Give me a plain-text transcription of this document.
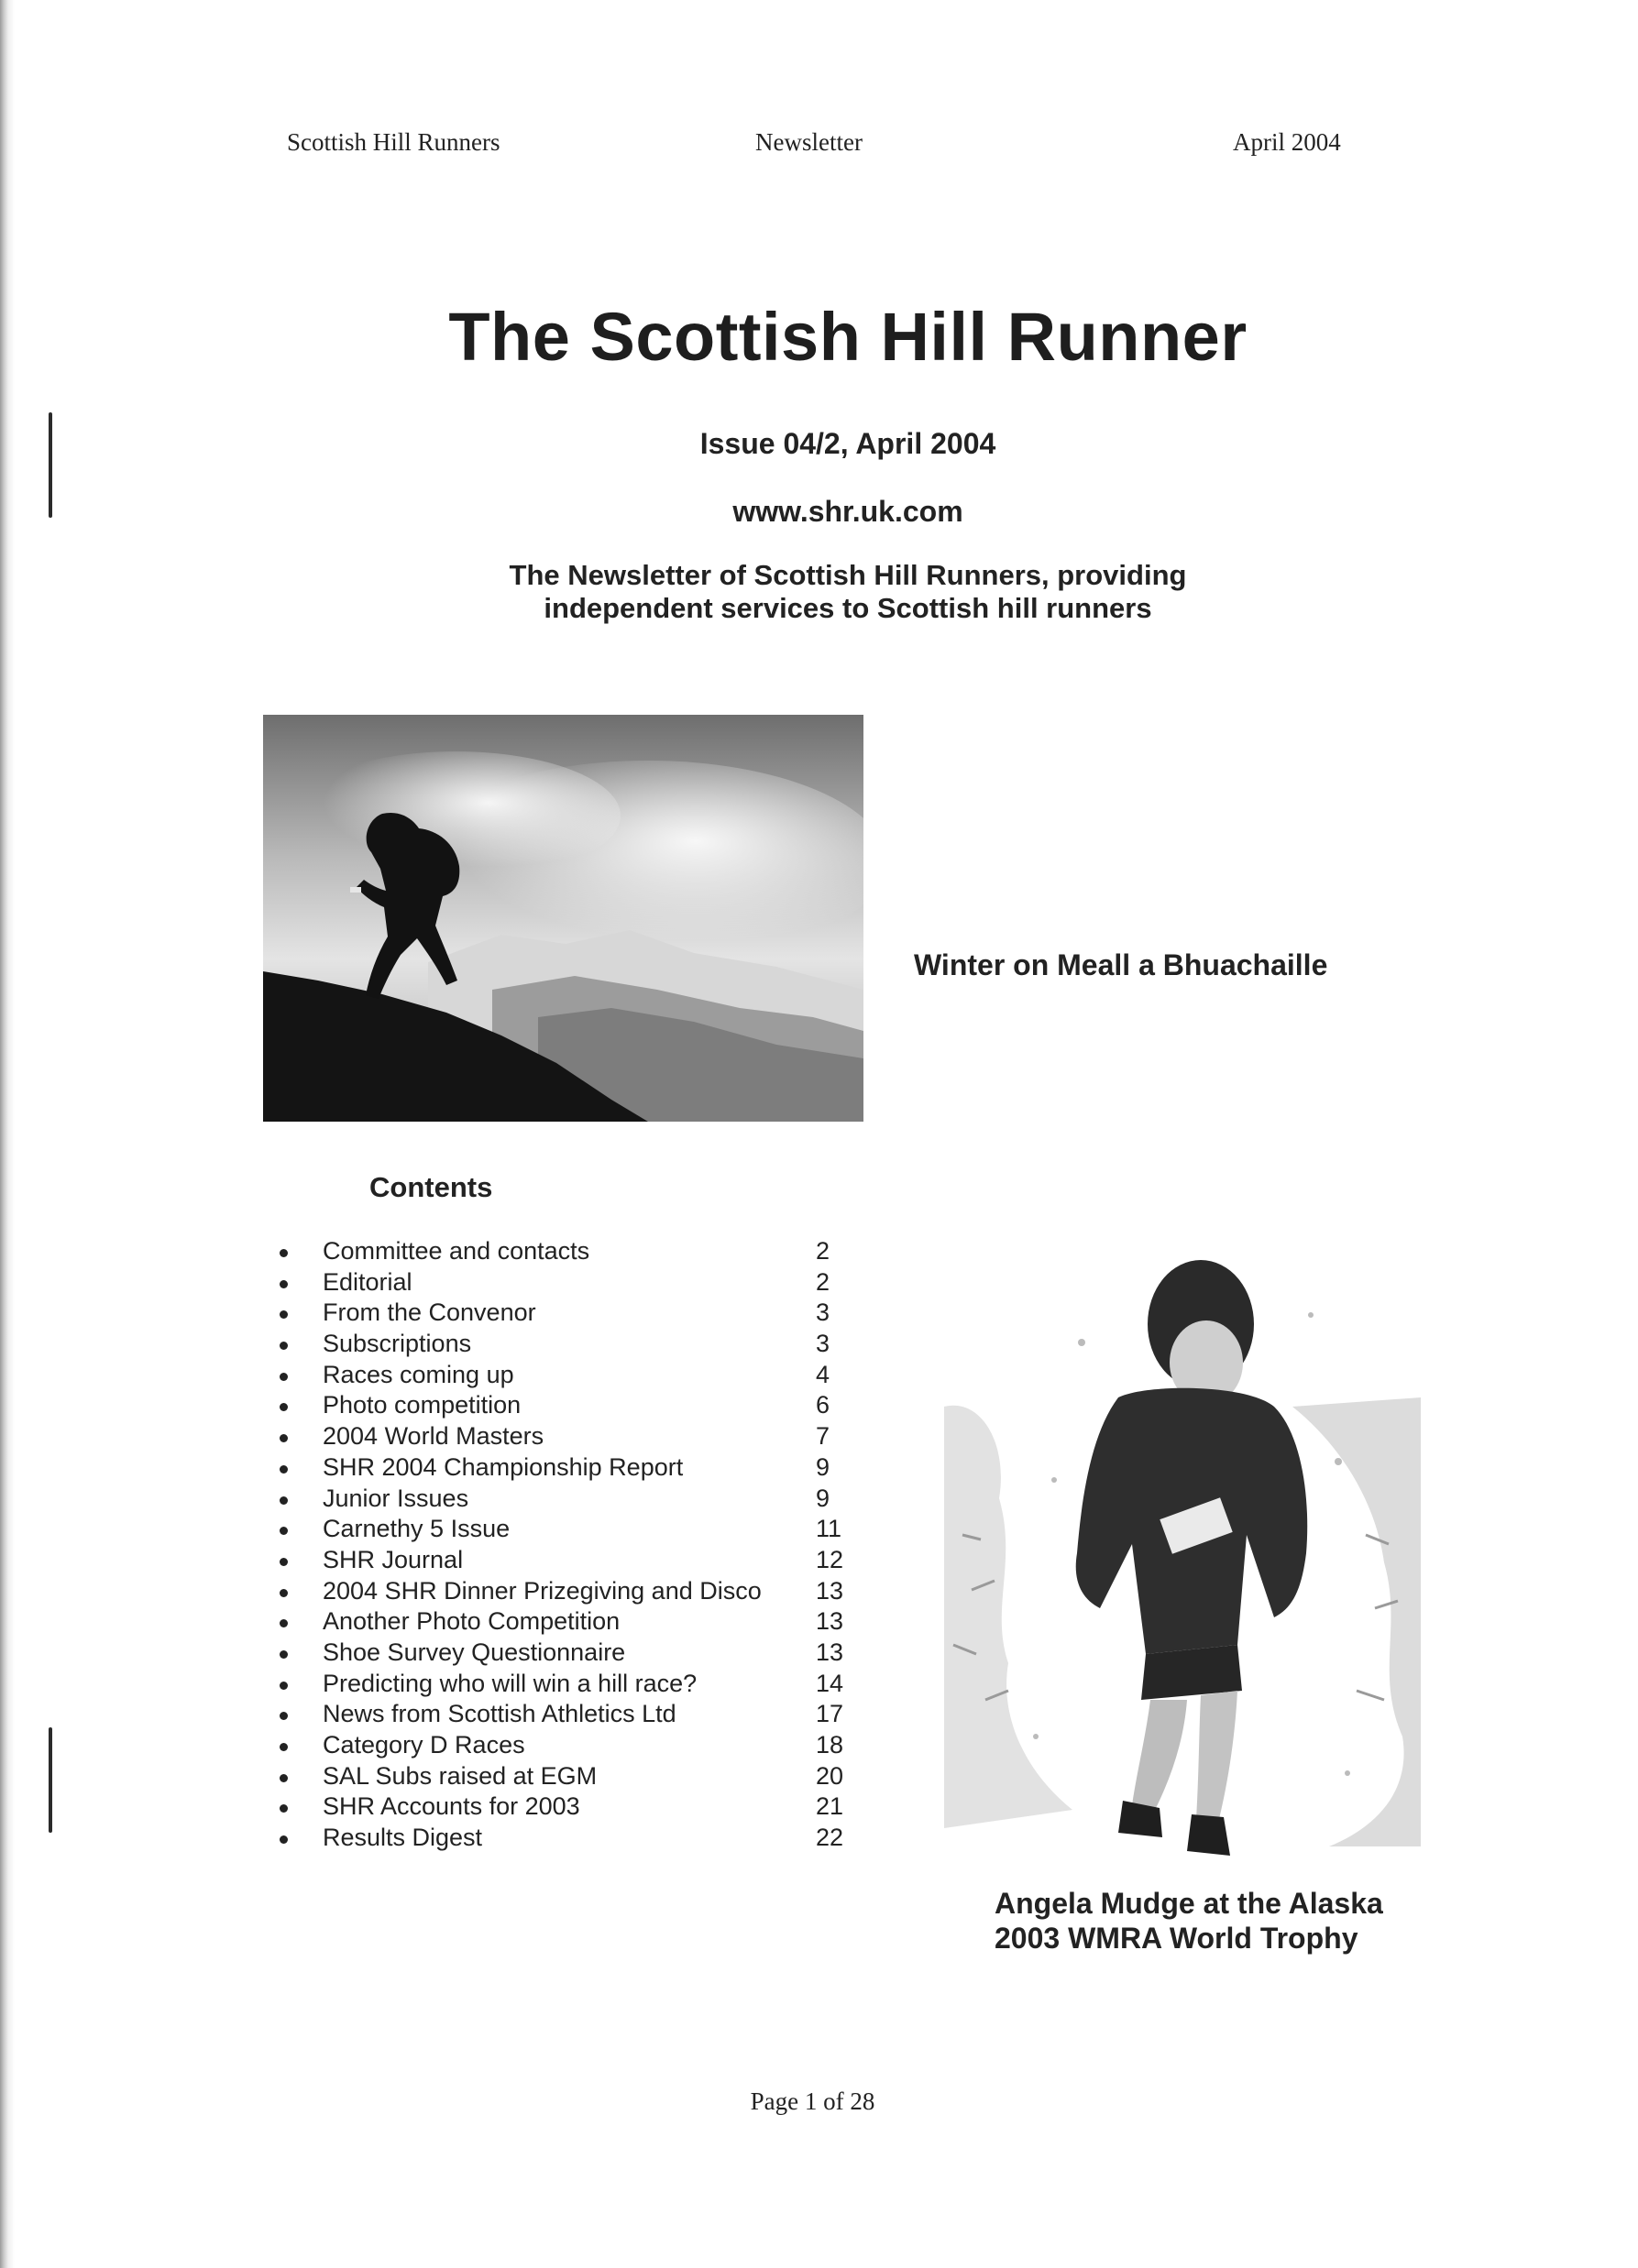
Scottish Hill Runners	Newsletter	April 2004
The Scottish Hill Runner
Issue 04/2, April 2004
www.shr.uk.com
The Newsletter of Scottish Hill Runners, providing
independent services to Scottish hill runners
Winter on Meall a Bhuachaille
Contents
Committee and contacts	2
Editorial	2
From the Convenor	3
Subscriptions	3
Races coming up	4
Photo competition	6
2004 World Masters	7
SHR 2004 Championship Report	9
Junior Issues	9
Carnethy 5 Issue	11
SHR Journal	12
2004 SHR Dinner Prizegiving and Disco 13
Another Photo Competition	13
Shoe Survey Questionnaire	13
Predicting who will win a hill race?	14
News from Scottish Athletics Ltd	17
Category D Races	18
SAL Subs raised at EGM	20
SHR Accounts for 2003	21
Results Digest	22
Angela Mudge at the Alaska
2003 WMRA World Trophy
Page 1 of 28
